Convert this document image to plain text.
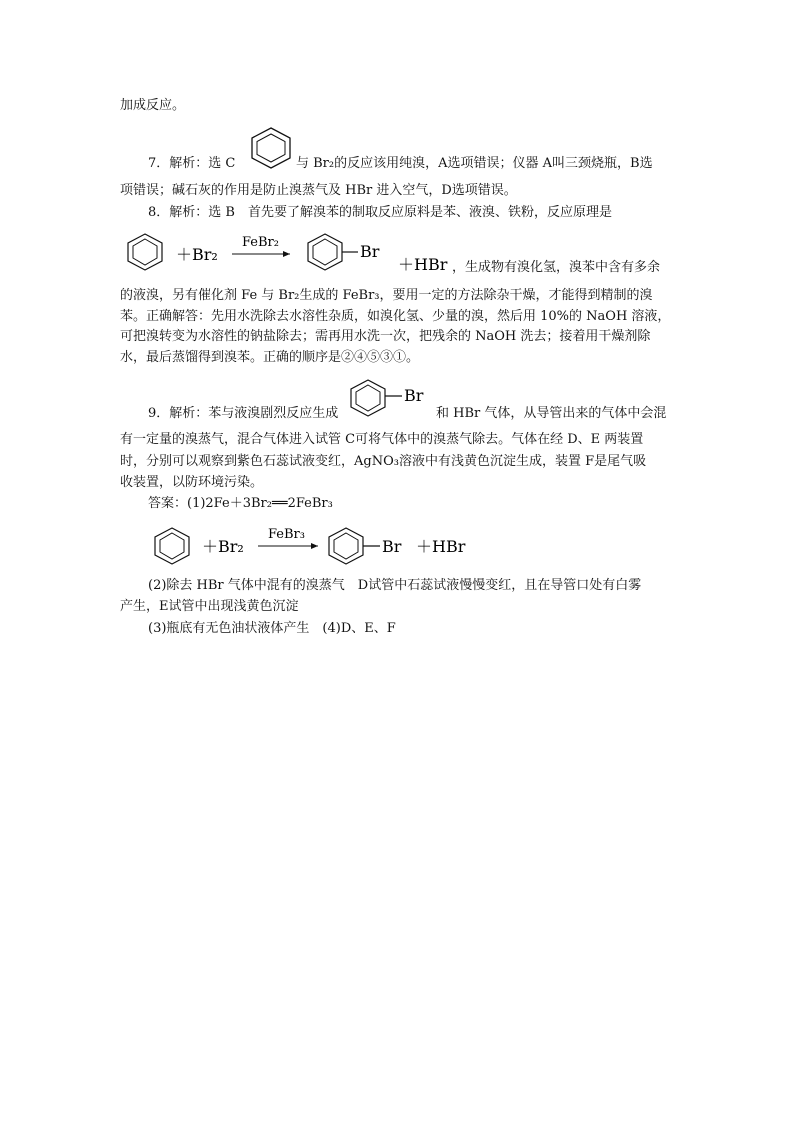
加成反应。
7．解析：选 C	与 Br₂的反应该用纯溴，A选项错误；仪器 A叫三颈烧瓶，B选
项错误；碱石灰的作用是防止溴蒸气及 HBr 进入空气，D选项错误。
8．解析：选 B　首先要了解溴苯的制取反应原料是苯、液溴、铁粉，反应原理是
＋Br₂
FeBr₂	Br
＋HBr ，生成物有溴化氢，溴苯中含有多余
的液溴，另有催化剂 Fe 与 Br₂生成的 FeBr₃，要用一定的方法除杂干燥，才能得到精制的溴
苯。正确解答：先用水洗除去水溶性杂质，如溴化氢、少量的溴，然后用 10%的 NaOH 溶液，
可把溴转变为水溶性的钠盐除去；需再用水洗一次，把残余的 NaOH 洗去；接着用干燥剂除
水，最后蒸馏得到溴苯。正确的顺序是②④⑤③①。
9．解析：苯与液溴剧烈反应生成
Br
和 HBr 气体，从导管出来的气体中会混
有一定量的溴蒸气，混合气体进入试管 C可将气体中的溴蒸气除去。气体在经 D、E 两装置
时，分别可以观察到紫色石蕊试液变红，AgNO₃溶液中有浅黄色沉淀生成，装置 F是尾气吸
收装置，以防环境污染。
答案：(1)2Fe＋3Br₂══2FeBr₃
＋Br₂
FeBr₃
Br ＋HBr
(2)除去 HBr 气体中混有的溴蒸气　D试管中石蕊试液慢慢变红，且在导管口处有白雾
产生，E试管中出现浅黄色沉淀
(3)瓶底有无色油状液体产生　(4)D、E、F
